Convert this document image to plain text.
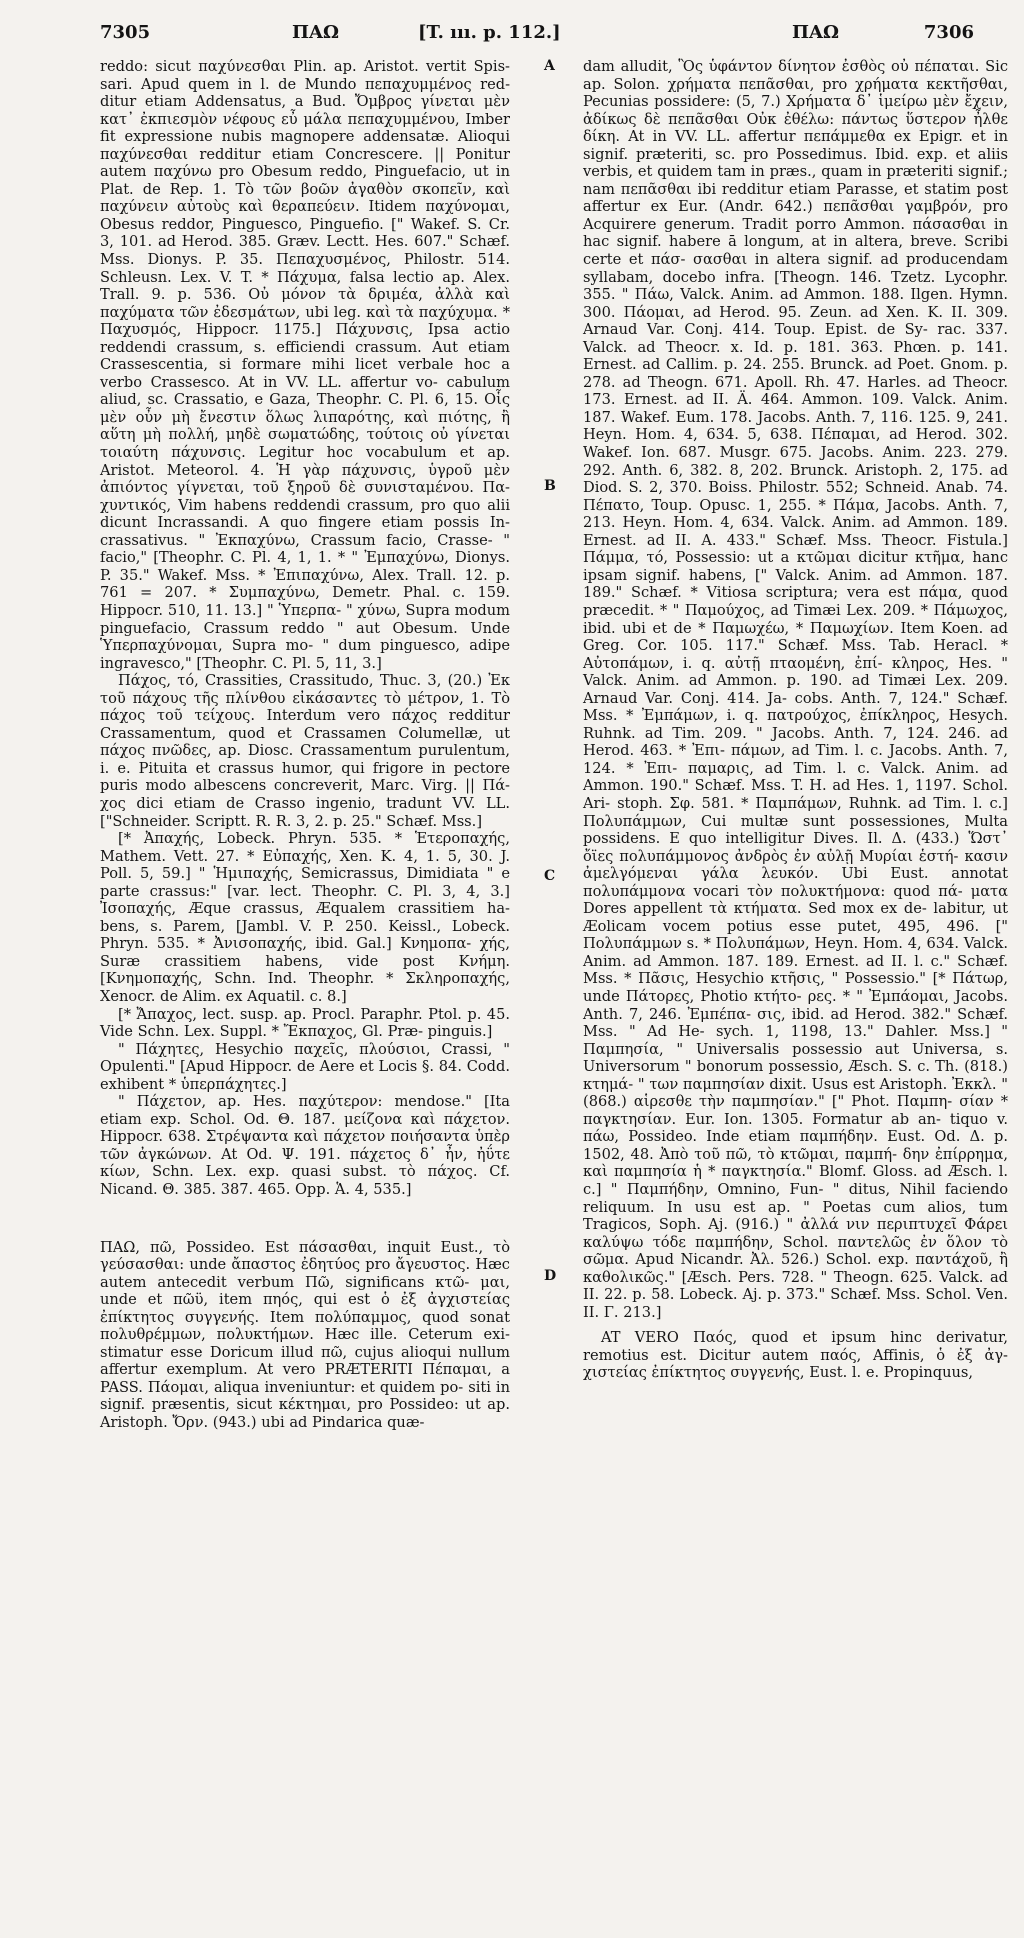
7305	ΠΑΩ	[T. ııı. p. 112.]	ΠΑΩ	7306
A
B
C
D

reddo: sicut παχύνεσθαι Plin. ap. Aristot. vertit Spis- sari. Apud quem in l. de Mundo πεπαχυμμένος red- ditur etiam Addensatus, a Bud. Ὄμβρος γίνεται μὲν κατ᾽ ἐκπιεσμὸν νέφους εὖ μάλα πεπαχυμμένου, Imber fit expressione nubis magnopere addensatæ. Alioqui παχύνεσθαι redditur etiam Concrescere. || Ponitur autem παχύνω pro Obesum reddo, Pinguefacio, ut in Plat. de Rep. 1. Τὸ τῶν βοῶν ἀγαθὸν σκοπεῖν, καὶ παχύνειν αὐτοὺς καὶ θεραπεύειν. Itidem παχύνομαι, Obesus reddor, Pinguesco, Pinguefio. [" Wakef. S. Cr. 3, 101. ad Herod. 385. Græv. Lectt. Hes. 607." Schæf. Mss. Dionys. P. 35. Πεπαχυσμένος, Philostr. 514. Schleusn. Lex. V. T. * Πάχυμα, falsa lectio ap. Alex. Trall. 9. p. 536. Οὐ μόνον τὰ δριμέα, ἀλλὰ καὶ παχύματα τῶν ἐδεσμάτων, ubi leg. καὶ τὰ παχύχυμα. * Παχυσμός, Hippocr. 1175.] Πάχυνσις, Ipsa actio reddendi crassum, s. efficiendi crassum. Aut etiam Crassescentia, si formare mihi licet verbale hoc a verbo Crassesco. At in VV. LL. affertur vo- cabulum aliud, sc. Crassatio, e Gaza, Theophr. C. Pl. 6, 15. Οἷς μὲν οὖν μὴ ἔνεστιν ὅλως λιπαρότης, καὶ πιότης, ἢ αὕτη μὴ πολλή, μηδὲ σωματώδης, τούτοις οὐ γίνεται τοιαύτη πάχυνσις. Legitur hoc vocabulum et ap. Aristot. Meteorol. 4. Ἡ γὰρ πάχυνσις, ὑγροῦ μὲν ἀπιόντος γίγνεται, τοῦ ξηροῦ δὲ συνισταμένου. Πα- χυντικός, Vim habens reddendi crassum, pro quo alii dicunt Incrassandi. A quo fingere etiam possis In- crassativus. " Ἐκπαχύνω, Crassum facio, Crasse- " facio," [Theophr. C. Pl. 4, 1, 1. * " Ἐμπαχύνω, Dionys. P. 35." Wakef. Mss. * Ἐπιπαχύνω, Alex. Trall. 12. p. 761 = 207. * Συμπαχύνω, Demetr. Phal. c. 159. Hippocr. 510, 11. 13.] " Ὑπερπα- " χύνω, Supra modum pinguefacio, Crassum reddo " aut Obesum. Unde Ὑπερπαχύνομαι, Supra mo- " dum pinguesco, adipe ingravesco," [Theophr. C. Pl. 5, 11, 3.]

Πάχος, τό, Crassities, Crassitudo, Thuc. 3, (20.) Ἐκ τοῦ πάχους τῆς πλίνθου εἰκάσαντες τὸ μέτρον, 1. Τὸ πάχος τοῦ τείχους. Interdum vero πάχος redditur Crassamentum, quod et Crassamen Columellæ, ut πάχος πνῶδες, ap. Diosc. Crassamentum purulentum, i. e. Pituita et crassus humor, qui frigore in pectore puris modo albescens concreverit, Marc. Virg. || Πά- χος dici etiam de Crasso ingenio, tradunt VV. LL. ["Schneider. Scriptt. R. R. 3, 2. p. 25." Schæf. Mss.]

[* Ἀπαχής, Lobeck. Phryn. 535. * Ἑτεροπαχής, Mathem. Vett. 27. * Εὐπαχής, Xen. K. 4, 1. 5, 30. J. Poll. 5, 59.] " Ἡμιπαχής, Semicrassus, Dimidiata " e parte crassus:" [var. lect. Theophr. C. Pl. 3, 4, 3.] Ἰσοπαχής, Æque crassus, Æqualem crassitiem ha- bens, s. Parem, [Jambl. V. P. 250. Keissl., Lobeck. Phryn. 535. * Ἀνισοπαχής, ibid. Gal.] Κνημοπα- χής, Suræ crassitiem habens, vide post Κνήμη. [Κνημοπαχής, Schn. Ind. Theophr. * Σκληροπαχής, Xenocr. de Alim. ex Aquatil. c. 8.]

[* Ἄπαχος, lect. susp. ap. Procl. Paraphr. Ptol. p. 45. Vide Schn. Lex. Suppl. * Ἔκπαχος, Gl. Præ- pinguis.]

" Πάχητες, Hesychio παχεῖς, πλούσιοι, Crassi, " Opulenti." [Apud Hippocr. de Aere et Locis §. 84. Codd. exhibent * ὑπερπάχητες.]

" Πάχετον, ap. Hes. παχύτερον: mendose." [Ita etiam exp. Schol. Od. Θ. 187. μείζονα καὶ πάχετον. Hippocr. 638. Στρέψαντα καὶ πάχετον ποιήσαντα ὑπὲρ τῶν ἀγκώνων. At Od. Ψ. 191. πάχετος δ᾽ ἦν, ἠΰτε κίων, Schn. Lex. exp. quasi subst. τὸ πάχος. Cf. Nicand. Θ. 385. 387. 465. Opp. Ἁ. 4, 535.]

ΠΑΩ, πῶ, Possideo. Est πάσασθαι, inquit Eust., τὸ γεύσασθαι: unde ἄπαστος ἐδητύος pro ἄγευστος. Hæc autem antecedit verbum Πῶ, significans κτῶ- μαι, unde et πῶϋ, item πηός, qui est ὁ ἐξ ἀγχιστείας ἐπίκτητος συγγενής. Item πολύπαμμος, quod sonat πολυθρέμμων, πολυκτήμων. Hæc ille. Ceterum exi- stimatur esse Doricum illud πῶ, cujus alioqui nullum affertur exemplum. At vero PRÆTERITI Πέπαμαι, a PASS. Πάομαι, aliqua inveniuntur: et quidem po- siti in signif. præsentis, sicut κέκτημαι, pro Possideo: ut ap. Aristoph. Ὄρν. (943.) ubi ad Pindarica quæ-

dam alludit, Ὃς ὑφάντον δίνητον ἐσθὸς οὐ πέπαται. Sic ap. Solon. χρήματα πεπᾶσθαι, pro χρήματα κεκτῆσθαι, Pecunias possidere: (5, 7.) Χρήματα δ᾽ ἱμείρω μὲν ἔχειν, ἀδίκως δὲ πεπᾶσθαι Οὐκ ἐθέλω: πάντως ὕστερον ἦλθε δίκη. At in VV. LL. affertur πεπάμμεθα ex Epigr. et in signif. præteriti, sc. pro Possedimus. Ibid. exp. et aliis verbis, et quidem tam in præs., quam in præteriti signif.; nam πεπᾶσθαι ibi redditur etiam Parasse, et statim post affertur ex Eur. (Andr. 642.) πεπᾶσθαι γαμβρόν, pro Acquirere generum. Tradit porro Ammon. πάσασθαι in hac signif. habere ā longum, at in altera, breve. Scribi certe et πάσ- σασθαι in altera signif. ad producendam syllabam, docebo infra. [Theogn. 146. Tzetz. Lycophr. 355. " Πάω, Valck. Anim. ad Ammon. 188. Ilgen. Hymn. 300. Πάομαι, ad Herod. 95. Zeun. ad Xen. K. II. 309. Arnaud Var. Conj. 414. Toup. Epist. de Sy- rac. 337. Valck. ad Theocr. x. Id. p. 181. 363. Phœn. p. 141. Ernest. ad Callim. p. 24. 255. Brunck. ad Poet. Gnom. p. 278. ad Theogn. 671. Apoll. Rh. 47. Harles. ad Theocr. 173. Ernest. ad II. Ä. 464. Ammon. 109. Valck. Anim. 187. Wakef. Eum. 178. Jacobs. Anth. 7, 116. 125. 9, 241. Heyn. Hom. 4, 634. 5, 638. Πέπαμαι, ad Herod. 302. Wakef. Ion. 687. Musgr. 675. Jacobs. Anim. 223. 279. 292. Anth. 6, 382. 8, 202. Brunck. Aristoph. 2, 175. ad Diod. S. 2, 370. Boiss. Philostr. 552; Schneid. Anab. 74. Πέπατο, Toup. Opusc. 1, 255. * Πάμα, Jacobs. Anth. 7, 213. Heyn. Hom. 4, 634. Valck. Anim. ad Ammon. 189. Ernest. ad II. A. 433." Schæf. Mss. Theocr. Fistula.] Πάμμα, τό, Possessio: ut a κτῶμαι dicitur κτῆμα, hanc ipsam signif. habens, [" Valck. Anim. ad Ammon. 187. 189." Schæf. * Vitiosa scriptura; vera est πάμα, quod præcedit. * " Παμούχος, ad Timæi Lex. 209. * Πάμωχος, ibid. ubi et de * Παμωχέω, * Παμωχίων. Item Koen. ad Greg. Cor. 105. 117." Schæf. Mss. Tab. Heracl. * Αὐτοπάμων, i. q. αὐτῇ πταομένη, ἐπί- κληρος, Hes. " Valck. Anim. ad Ammon. p. 190. ad Timæi Lex. 209. Arnaud Var. Conj. 414. Ja- cobs. Anth. 7, 124." Schæf. Mss. * Ἐμπάμων, i. q. πατρούχος, ἐπίκληρος, Hesych. Ruhnk. ad Tim. 209. " Jacobs. Anth. 7, 124. 246. ad Herod. 463. * Ἐπι- πάμων, ad Tim. l. c. Jacobs. Anth. 7, 124. * Ἐπι- παμαρις, ad Tim. l. c. Valck. Anim. ad Ammon. 190." Schæf. Mss. T. H. ad Hes. 1, 1197. Schol. Ari- stoph. Σφ. 581. * Παμπάμων, Ruhnk. ad Tim. l. c.] Πολυπάμμων, Cui multæ sunt possessiones, Multa possidens. E quo intelligitur Dives. Il. Δ. (433.) Ὥστ᾽ ὄϊες πολυπάμμονος ἀνδρὸς ἐν αὐλῇ Μυρίαι ἑστή- κασιν ἀμελγόμεναι γάλα λευκόν. Ubi Eust. annotat πολυπάμμονα vocari τὸν πολυκτήμονα: quod πά- ματα Dores appellent τὰ κτήματα. Sed mox ex de- labitur, ut Æolicam vocem potius esse putet, 495, 496. [" Πολυπάμμων s. * Πολυπάμων, Heyn. Hom. 4, 634. Valck. Anim. ad Ammon. 187. 189. Ernest. ad II. l. c." Schæf. Mss. * Πᾶσις, Hesychio κτῆσις, " Possessio." [* Πάτωρ, unde Πάτορες, Photio κτήτο- ρες. * " Ἐμπάομαι, Jacobs. Anth. 7, 246. Ἐμπέπα- σις, ibid. ad Herod. 382." Schæf. Mss. " Ad He- sych. 1, 1198, 13." Dahler. Mss.] " Παμπησία, " Universalis possessio aut Universa, s. Universorum " bonorum possessio, Æsch. S. c. Th. (818.) κτημά- " των παμπησίαν dixit. Usus est Aristoph. Ἐκκλ. " (868.) αἱρεσθε τὴν παμπησίαν." [" Phot. Παμπη- σίαν * παγκτησίαν. Eur. Ion. 1305. Formatur ab an- tiquo v. πάω, Possideo. Inde etiam παμπήδην. Eust. Od. Δ. p. 1502, 48. Ἀπὸ τοῦ πῶ, τὸ κτῶμαι, παμπή- δην ἐπίρρημα, καὶ παμπησία ἡ * παγκτησία." Blomf. Gloss. ad Æsch. l. c.] " Παμπήδην, Omnino, Fun- " ditus, Nihil faciendo reliquum. In usu est ap. " Poetas cum alios, tum Tragicos, Soph. Aj. (916.) " ἀλλά νιν περιπτυχεῖ Φάρει καλύψω τόδε παμπήδην, Schol. παντελῶς ἐν ὅλον τὸ σῶμα. Apud Nicandr. Ἀλ. 526.) Schol. exp. παντάχοῦ, ἢ καθολικῶς." [Æsch. Pers. 728. " Theogn. 625. Valck. ad II. 22. p. 58. Lobeck. Aj. p. 373." Schæf. Mss. Schol. Ven. II. Γ. 213.]

AT VERO Παός, quod et ipsum hinc derivatur, remotius est. Dicitur autem παός, Affinis, ὁ ἐξ ἀγ- χιστείας ἐπίκτητος συγγενής, Eust. l. e. Propinquus,
